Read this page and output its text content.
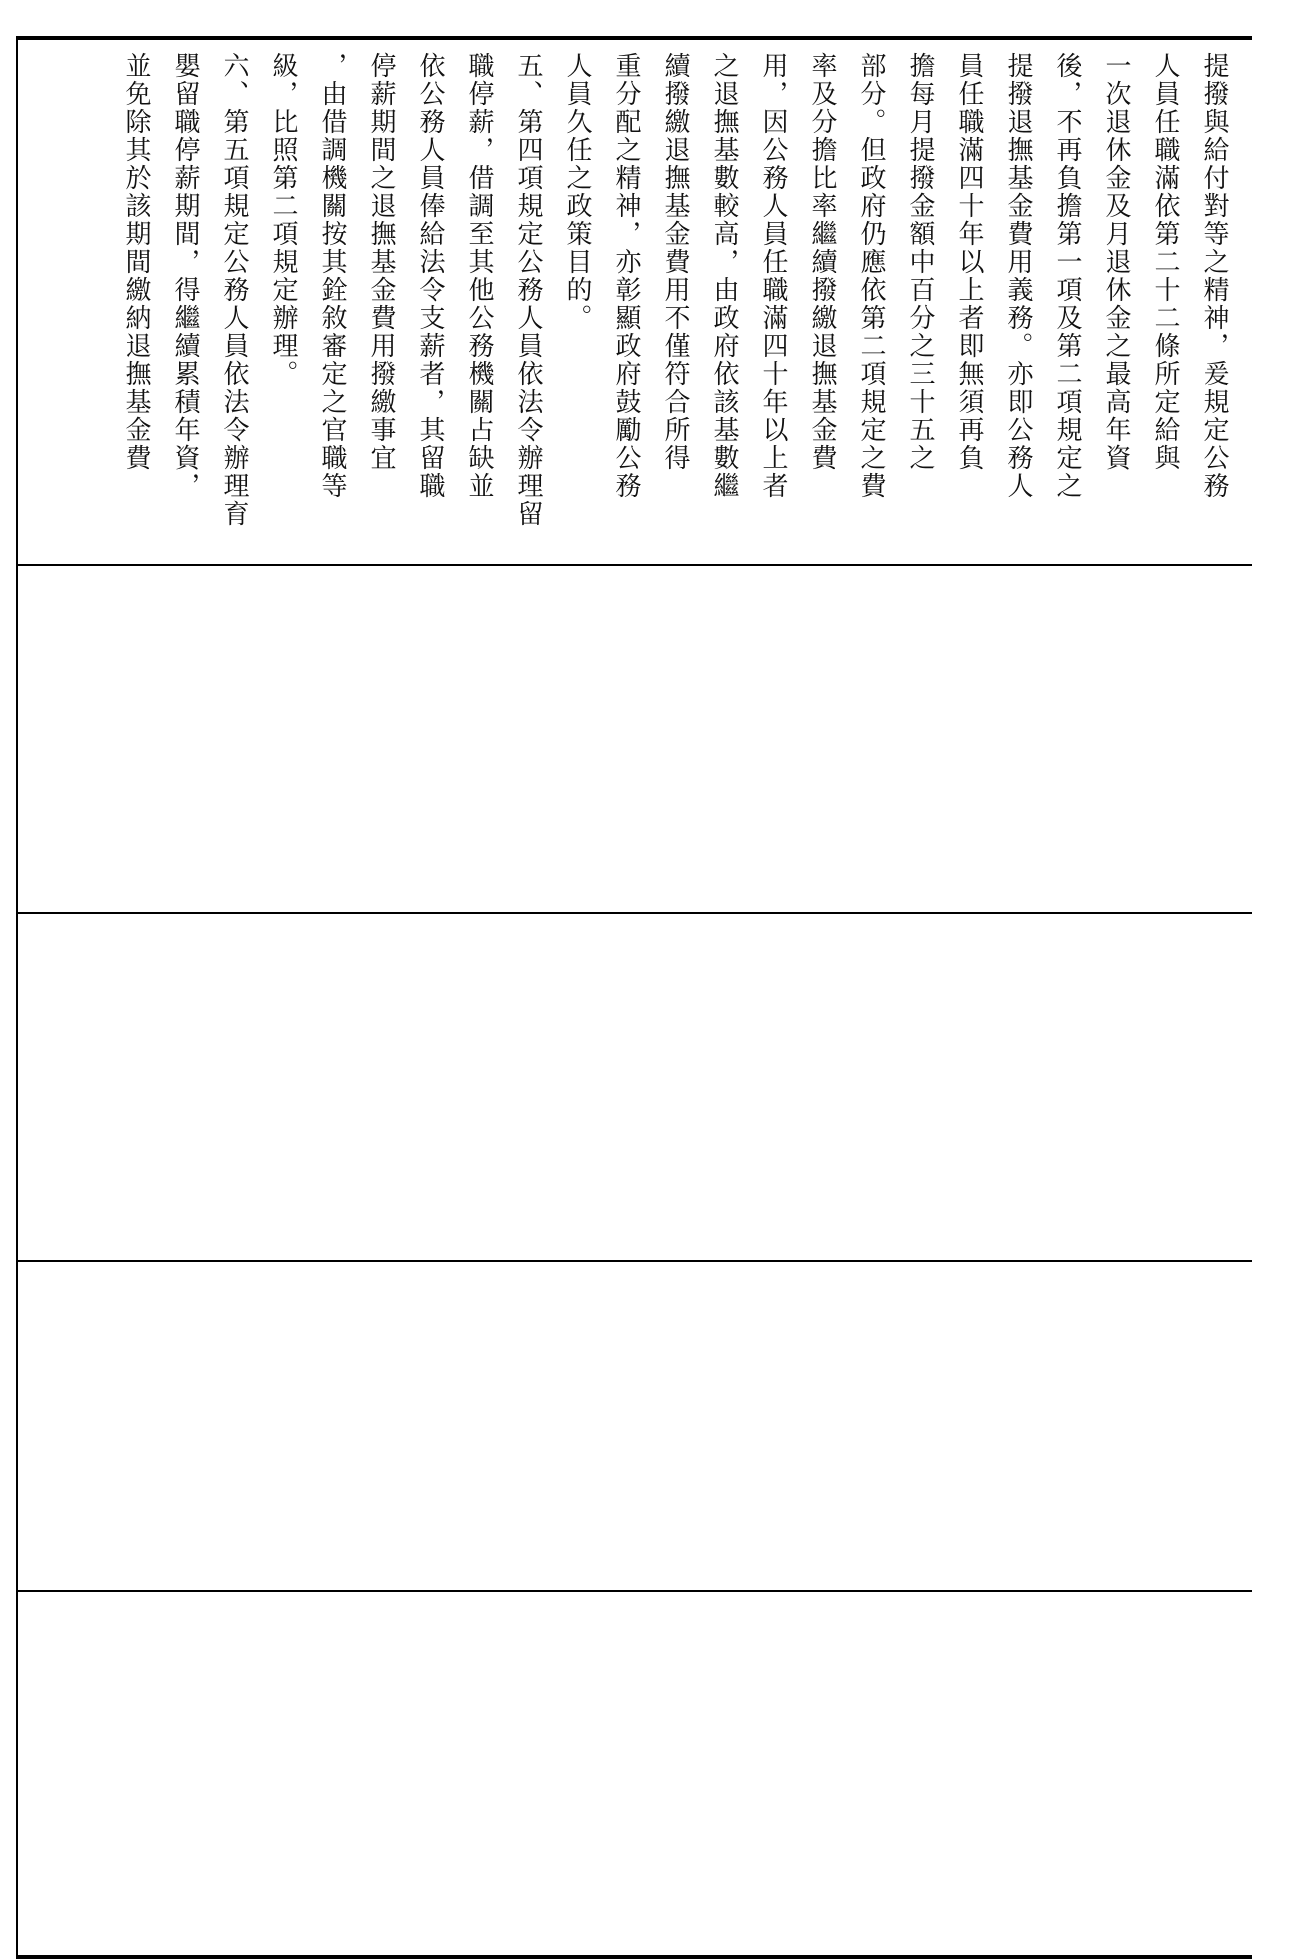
提撥與給付對等之精神，爰規定公務
人員任職滿依第二十二條所定給與
一次退休金及月退休金之最高年資
後，不再負擔第一項及第二項規定之
提撥退撫基金費用義務。亦即公務人
員任職滿四十年以上者即無須再負
擔每月提撥金額中百分之三十五之
部分。但政府仍應依第二項規定之費
率及分擔比率繼續撥繳退撫基金費
用，因公務人員任職滿四十年以上者
之退撫基數較高，由政府依該基數繼
續撥繳退撫基金費用不僅符合所得
重分配之精神，亦彰顯政府鼓勵公務
人員久任之政策目的。
五、第四項規定公務人員依法令辦理留
職停薪，借調至其他公務機關占缺並
依公務人員俸給法令支薪者，其留職
停薪期間之退撫基金費用撥繳事宜
，由借調機關按其銓敘審定之官職等
級，比照第二項規定辦理。
六、第五項規定公務人員依法令辦理育
嬰留職停薪期間，得繼續累積年資，
並免除其於該期間繳納退撫基金費
